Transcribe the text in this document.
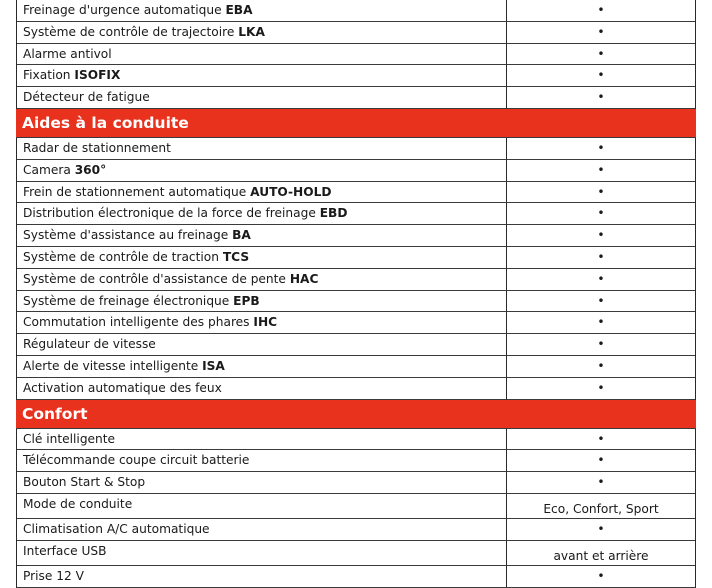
Freinage d'urgence automatique EBA	•
Système de contrôle de trajectoire LKA	•
Alarme antivol	•
Fixation ISOFIX	•
Détecteur de fatigue	•
Aides à la conduite
Radar de stationnement	•
Camera 360°	•
Frein de stationnement automatique AUTO-HOLD	•
Distribution électronique de la force de freinage EBD	•
Système d'assistance au freinage BA	•
Système de contrôle de traction TCS	•
Système de contrôle d'assistance de pente HAC	•
Système de freinage électronique EPB	•
Commutation intelligente des phares IHC	•
Régulateur de vitesse	•
Alerte de vitesse intelligente ISA	•
Activation automatique des feux	•
Confort
Clé intelligente	•
Télécommande coupe circuit batterie	•
Bouton Start & Stop	•
Mode de conduite	Eco, Confort, Sport
Climatisation A/C automatique	•
Interface USB	avant et arrière
Prise 12 V	•
